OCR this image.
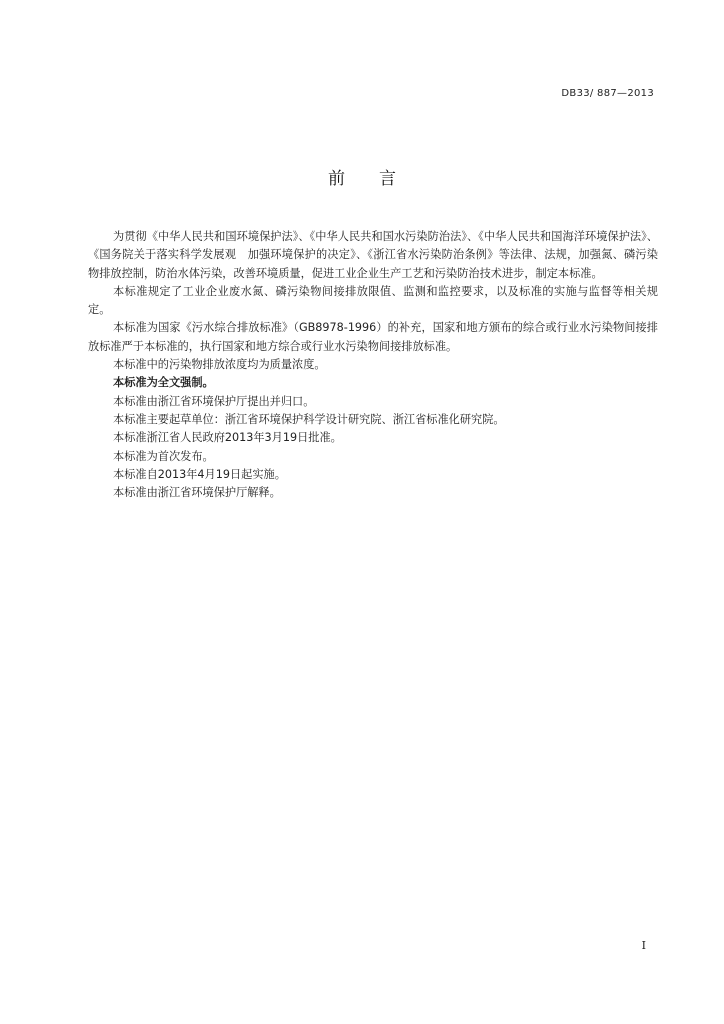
DB33/ 887—2013
前言

为贯彻《中华人民共和国环境保护法》、《中华人民共和国水污染防治法》、《中华人民共和国海洋环境保护法》、《国务院关于落实科学发展观　加强环境保护的决定》、《浙江省水污染防治条例》等法律、法规，加强氮、磷污染物排放控制，防治水体污染，改善环境质量，促进工业企业生产工艺和污染防治技术进步，制定本标准。

本标准规定了工业企业废水氮、磷污染物间接排放限值、监测和监控要求，以及标准的实施与监督等相关规定。

本标准为国家《污水综合排放标准》（GB8978-1996）的补充，国家和地方颁布的综合或行业水污染物间接排放标准严于本标准的，执行国家和地方综合或行业水污染物间接排放标准。

本标准中的污染物排放浓度均为质量浓度。

本标准为全文强制。

本标准由浙江省环境保护厅提出并归口。

本标准主要起草单位：浙江省环境保护科学设计研究院、浙江省标准化研究院。

本标准浙江省人民政府2013年3月19日批准。

本标准为首次发布。

本标准自2013年4月19日起实施。

本标准由浙江省环境保护厅解释。

I
